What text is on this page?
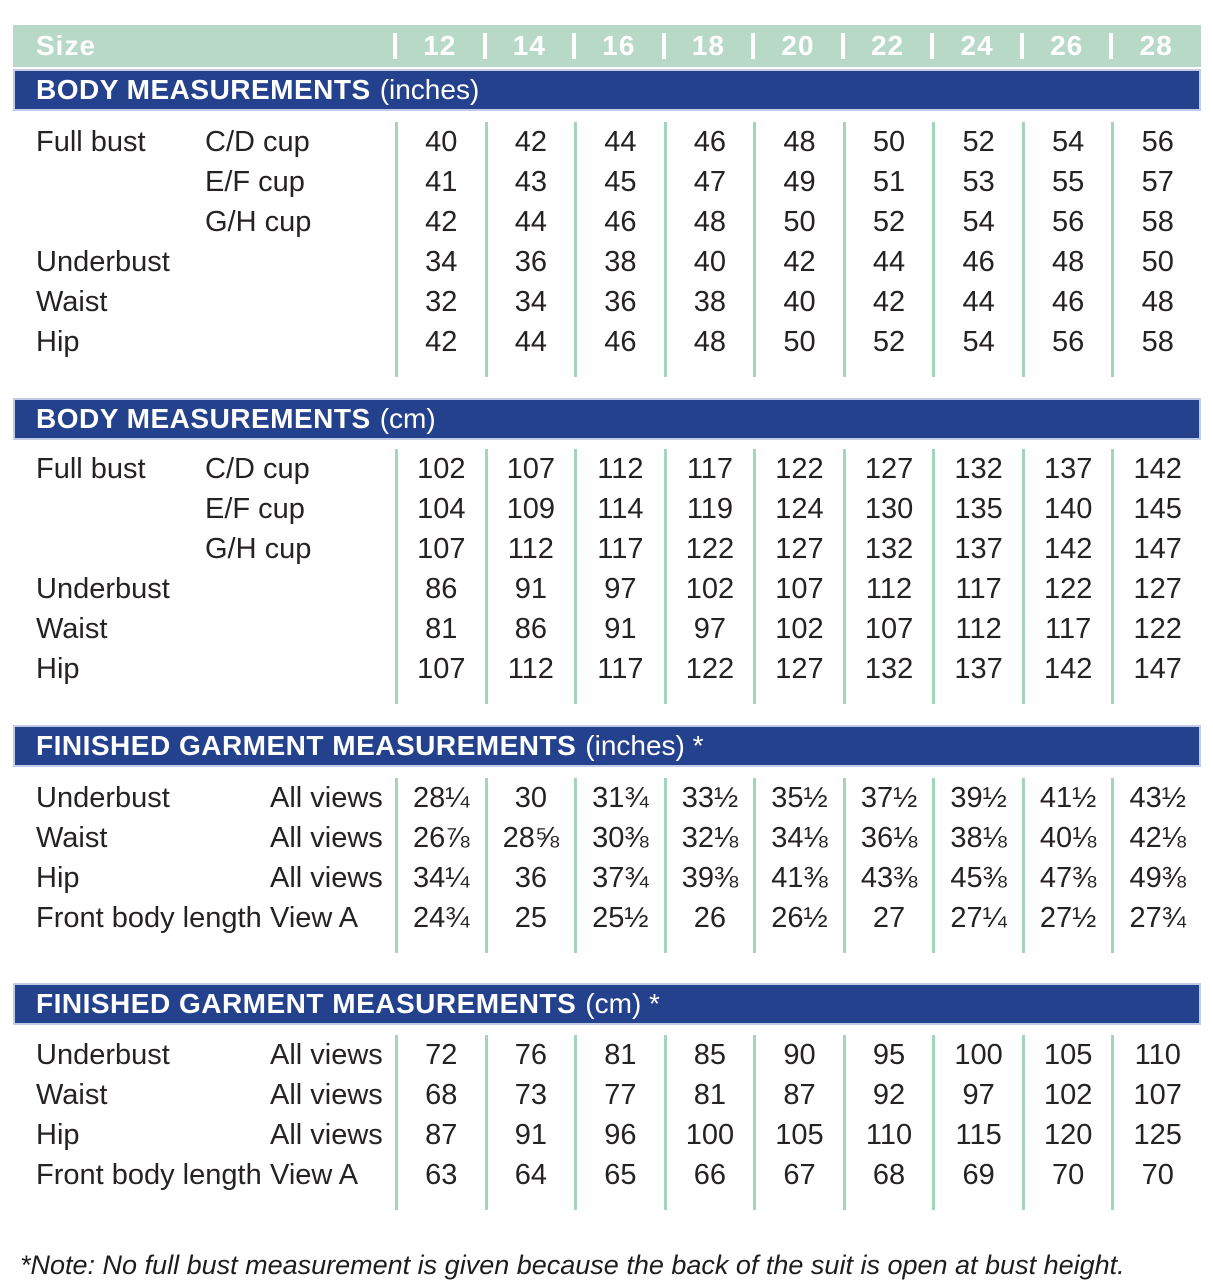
Size	12	14	16	18	20	22	24	26	28
BODY MEASUREMENTS (inches)
Full bust	C/D cup	40	42	44	46	48	50	52	54	56
E/F cup	41	43	45	47	49	51	53	55	57
G/H cup	42	44	46	48	50	52	54	56	58
Underbust	34	36	38	40	42	44	46	48	50
Waist	32	34	36	38	40	42	44	46	48
Hip	42	44	46	48	50	52	54	56	58
BODY MEASUREMENTS (cm)
Full bust	C/D cup	102	107	112	117	122	127	132	137	142
E/F cup	104	109	114	119	124	130	135	140	145
G/H cup	107	112	117	122	127	132	137	142	147
Underbust	86	91	97	102	107	112	117	122	127
Waist	81	86	91	97	102	107	112	117	122
Hip	107	112	117	122	127	132	137	142	147
FINISHED GARMENT MEASUREMENTS (inches) *
Underbust	All views	28¼	30	31¾	33½	35½	37½	39½	41½	43½
Waist	All views	26⅞	28⅝	30⅜	32⅛	34⅛	36⅛	38⅛	40⅛	42⅛
Hip	All views	34¼	36	37¾	39⅜	41⅜	43⅜	45⅜	47⅜	49⅜
Front body length View A	24¾	25	25½	26	26½	27	27¼	27½	27¾
FINISHED GARMENT MEASUREMENTS (cm) *
Underbust	All views	72	76	81	85	90	95	100	105	110
Waist	All views	68	73	77	81	87	92	97	102	107
Hip	All views	87	91	96	100	105	110	115	120	125
Front body length View A	63	64	65	66	67	68	69	70	70
*Note: No full bust measurement is given because the back of the suit is open at bust height.
